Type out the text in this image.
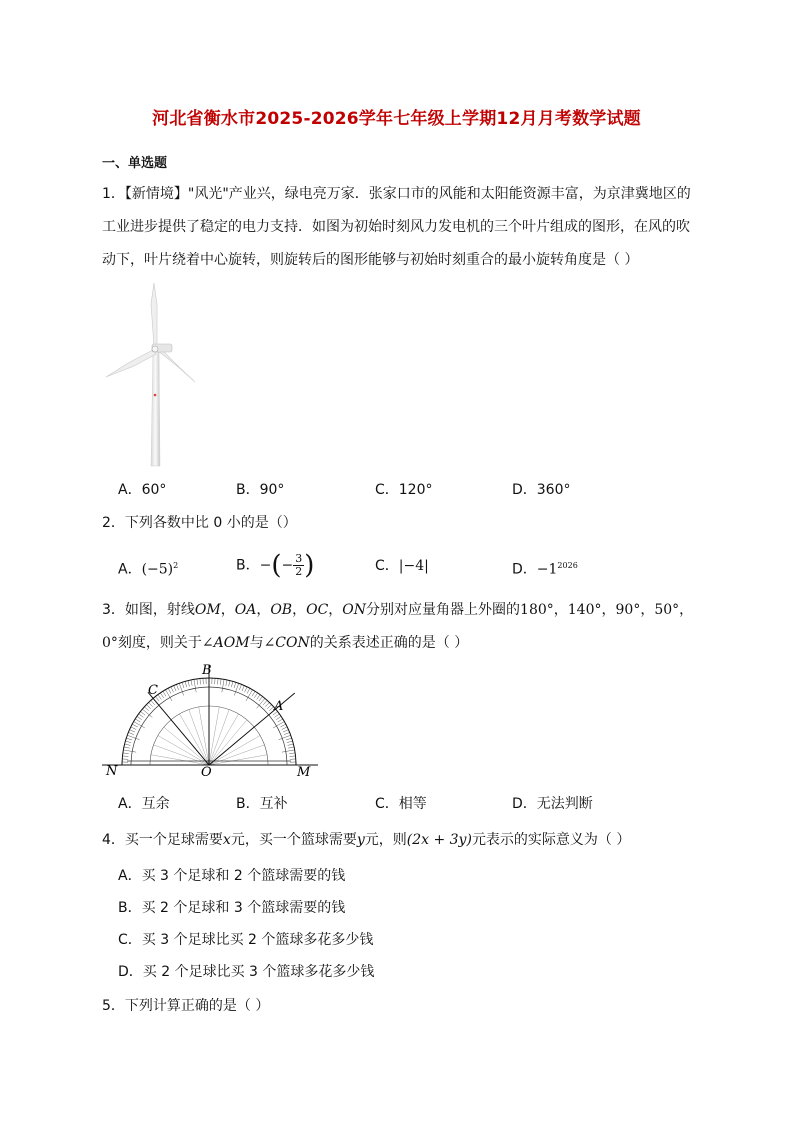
河北省衡水市2025-2026学年七年级上学期12月月考数学试题
一、单选题
1．【新情境】"风光"产业兴，绿电亮万家．张家口市的风能和太阳能资源丰富，为京津冀地区的
工业进步提供了稳定的电力支持．如图为初始时刻风力发电机的三个叶片组成的图形，在风的吹
动下，叶片绕着中心旋转，则旋转后的图形能够与初始时刻重合的最小旋转角度是（ ）
A．60°	B．90°	C．120°	D．360°
2．下列各数中比 0 小的是（）
A．$(-5)^2$	B．−(− $\frac{3}{2}$ )	C．|−4|	D．$-1^{2026}$
3．如图，射线OM，OA，OB，OC，ON分别对应量角器上外圈的180°，140°，90°，50°，
0°刻度，则关于∠AOM与∠CON的关系表述正确的是（ ）
N	O	M
A
B
C
A．互余	B．互补	C．相等	D．无法判断
4．买一个足球需要x元，买一个篮球需要y元，则(2x + 3y)元表示的实际意义为（ ）
A．买 3 个足球和 2 个篮球需要的钱
B．买 2 个足球和 3 个篮球需要的钱
C．买 3 个足球比买 2 个篮球多花多少钱
D．买 2 个足球比买 3 个篮球多花多少钱
5．下列计算正确的是（ ）
